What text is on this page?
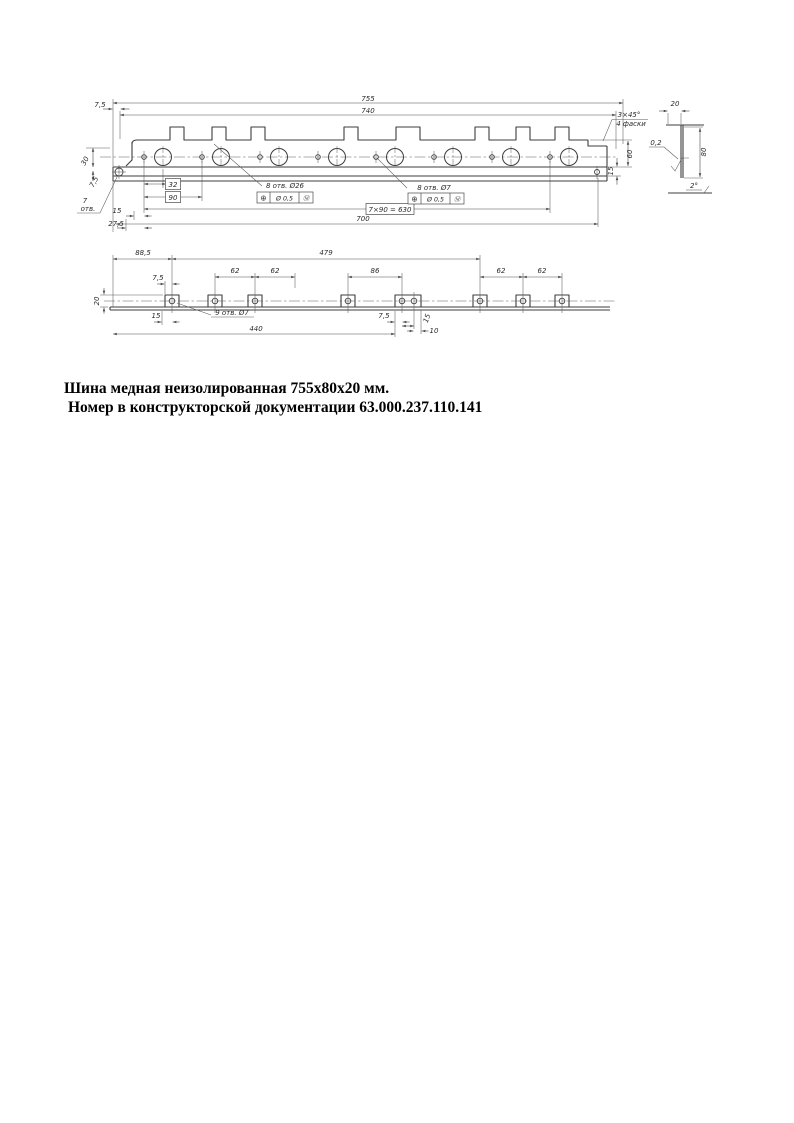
755
740
7,5
3×45°
4 фаски
8 отв. Ø26	8 отв. Ø7
32
90
7
отв. 15
27,5
7×90 = 630
700
60
15
30
7,5
20
0,2
80
2°
88,5	479
62	62	86	62	62
7,5
20
15	9 отв. Ø7
440
7,5	15
10
⊕ Ø 0,5 Ⓜ	⊕ Ø 0,5 Ⓜ
Шина медная неизолированная 755х80х20 мм.
Номер в конструкторской документации 63.000.237.110.141
